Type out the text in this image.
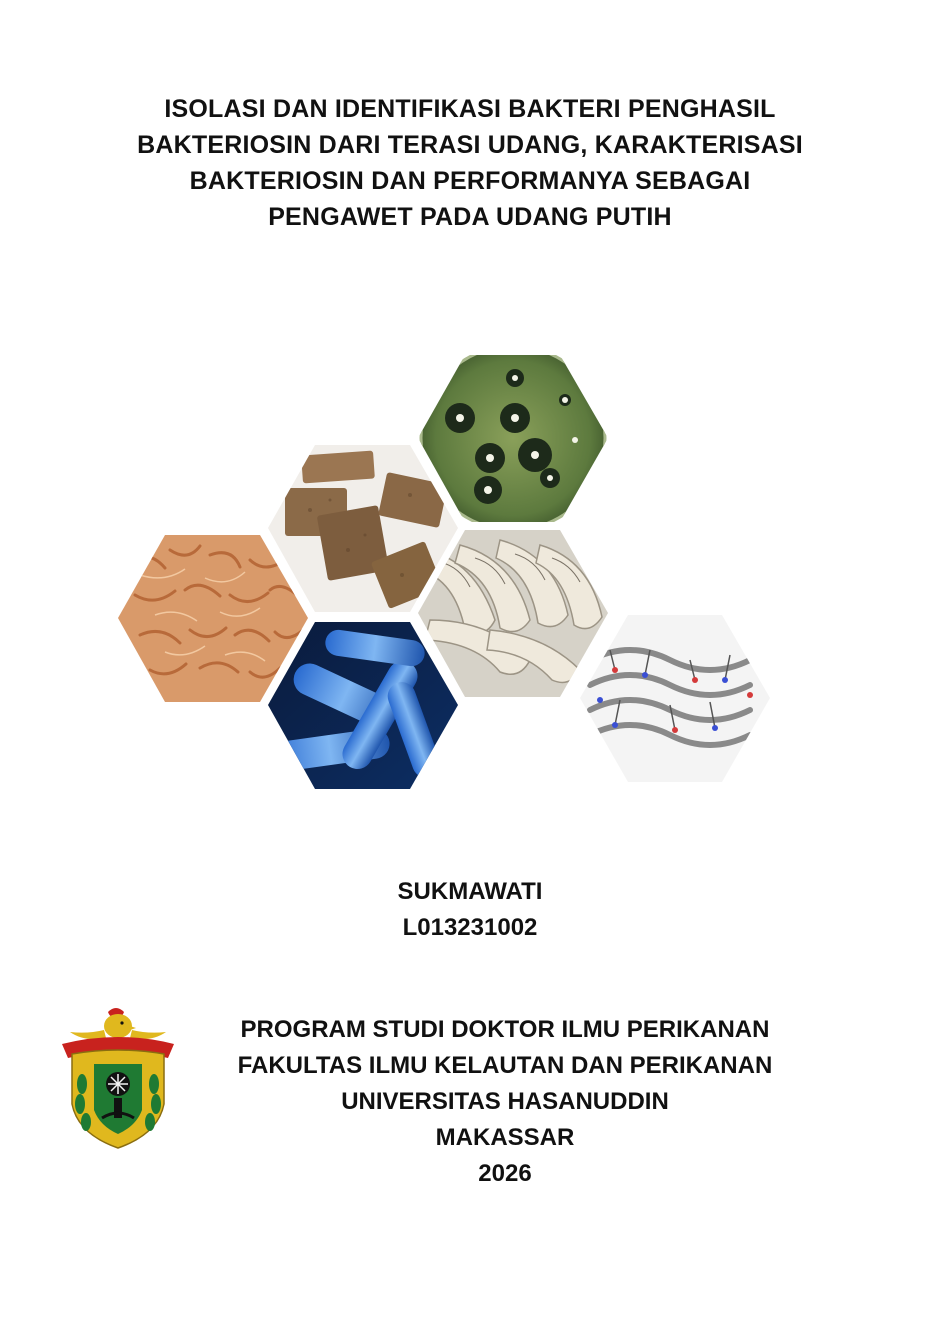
ISOLASI DAN IDENTIFIKASI BAKTERI PENGHASIL
BAKTERIOSIN DARI TERASI UDANG, KARAKTERISASI
BAKTERIOSIN DAN PERFORMANYA SEBAGAI
PENGAWET PADA UDANG PUTIH
SUKMAWATI
L013231002
PROGRAM STUDI DOKTOR ILMU PERIKANAN
FAKULTAS ILMU KELAUTAN DAN PERIKANAN
UNIVERSITAS HASANUDDIN
MAKASSAR
2026
